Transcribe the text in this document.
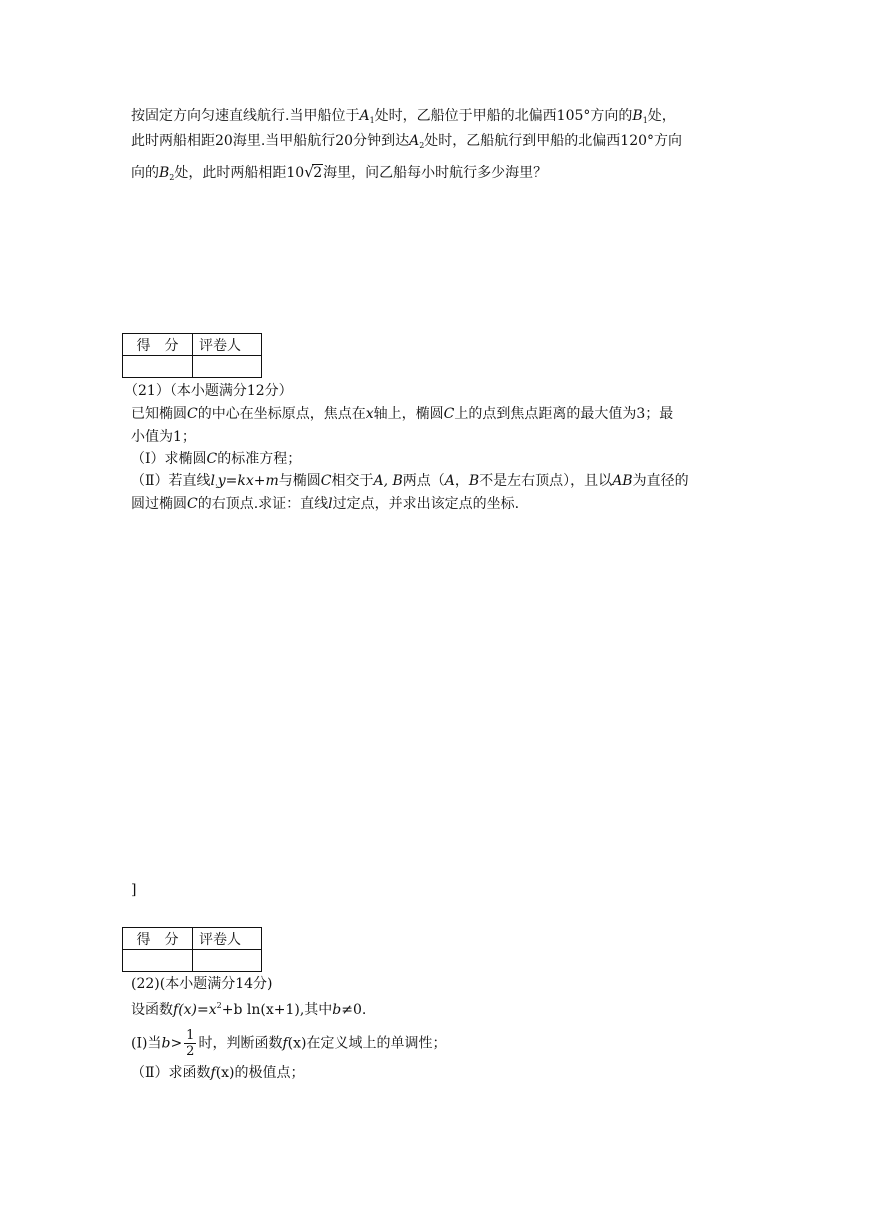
按固定方向匀速直线航行.当甲船位于$A_1$处时，乙船位于甲船的北偏西105°方向的$B_1$处，
此时两船相距20海里.当甲船航行20分钟到达$A_2$处时，乙船航行到甲船的北偏西120°方向
向的$B_2$处，此时两船相距10 √ 2海里，问乙船每小时航行多少海里？
得　分	评卷人

（21）（本小题满分12分）
已知椭圆C的中心在坐标原点，焦点在x轴上，椭圆C上的点到焦点距离的最大值为3；最
小值为1；
（Ⅰ）求椭圆C的标准方程；
（Ⅱ）若直线$l_:y=kx+m$与椭圆C相交于A, B两点（A，B不是左右顶点），且以AB为直径的
圆过椭圆C的右顶点.求证：直线l过定点，并求出该定点的坐标.
]
得　分	评卷人

(22)(本小题满分14分)
设函数$f(x)=x^2+b$ ln(x+1),其中b≠0.
(Ⅰ)当$b> \frac{1}{2}$ 时，判断函数f(x)在定义域上的单调性；
（Ⅱ）求函数f(x)的极值点；
